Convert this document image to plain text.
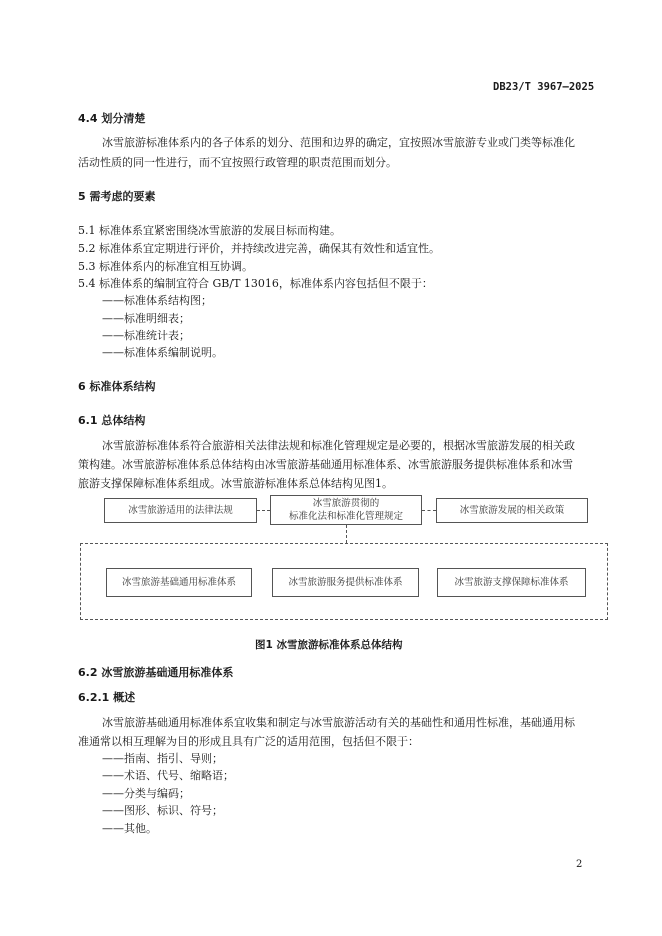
DB23/T 3967—2025
4.4 划分清楚
冰雪旅游标准体系内的各子体系的划分、范围和边界的确定，宜按照冰雪旅游专业或门类等标准化
活动性质的同一性进行，而不宜按照行政管理的职责范围而划分。
5 需考虑的要素
5.1 标准体系宜紧密围绕冰雪旅游的发展目标而构建。
5.2 标准体系宜定期进行评价，并持续改进完善，确保其有效性和适宜性。
5.3 标准体系内的标准宜相互协调。
5.4 标准体系的编制宜符合 GB/T 13016，标准体系内容包括但不限于：
——标准体系结构图；
——标准明细表；
——标准统计表；
——标准体系编制说明。
6 标准体系结构
6.1 总体结构
冰雪旅游标准体系符合旅游相关法律法规和标准化管理规定是必要的，根据冰雪旅游发展的相关政
策构建。冰雪旅游标准体系总体结构由冰雪旅游基础通用标准体系、冰雪旅游服务提供标准体系和冰雪
旅游支撑保障标准体系组成。冰雪旅游标准体系总体结构见图1。
冰雪旅游适用的法律法规
冰雪旅游贯彻的
标准化法和标准化管理规定
冰雪旅游发展的相关政策
冰雪旅游基础通用标准体系	冰雪旅游服务提供标准体系	冰雪旅游支撑保障标准体系
图1 冰雪旅游标准体系总体结构
6.2 冰雪旅游基础通用标准体系
6.2.1 概述
冰雪旅游基础通用标准体系宜收集和制定与冰雪旅游活动有关的基础性和通用性标准，基础通用标
准通常以相互理解为目的形成且具有广泛的适用范围，包括但不限于：
——指南、指引、导则；
——术语、代号、缩略语；
——分类与编码；
——图形、标识、符号；
——其他。
2
